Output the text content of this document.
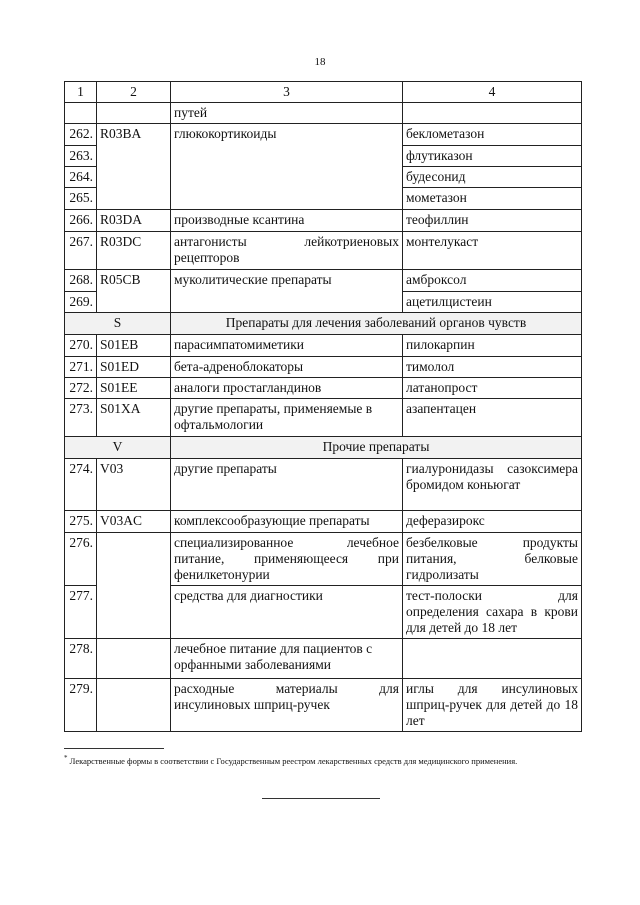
18
1	2	3	4
		путей	
262.	R03BA	глюкокортикоиды	беклометазон
263.			флутиказон
264.			будесонид
265.			мометазон
266.	R03DA	производные ксантина	теофиллин
267.	R03DC	антагонисты лейкотриеновых рецепторов	монтелукаст
268.	R05CB	муколитические препараты	амброксол
269.			ацетилцистеин
S		Препараты для лечения заболеваний органов чувств	
270.	S01EB	парасимпатомиметики	пилокарпин
271.	S01ED	бета-адреноблокаторы	тимолол
272.	S01EE	аналоги простагландинов	латанопрост
273.	S01XA	другие препараты, применяемые в офтальмологии	азапентацен
V		Прочие препараты	
274.	V03	другие препараты	гиалуронидазы сазоксимера бромидом коньюгат
275.	V03AC	комплексообразующие препараты	деферазирокс
276.		специализированное лечебное питание, применяющееся при фенилкетонурии	безбелковые продукты питания, белковые гидролизаты
277.		средства для диагностики	тест-полоски для определения сахара в крови для детей до 18 лет
278.		лечебное питание для пациентов с орфанными заболеваниями	
279.		расходные материалы для инсулиновых шприц-ручек	иглы для инсулиновых шприц-ручек для детей до 18 лет
* Лекарственные формы в соответствии с Государственным реестром лекарственных средств для медицинского применения.
